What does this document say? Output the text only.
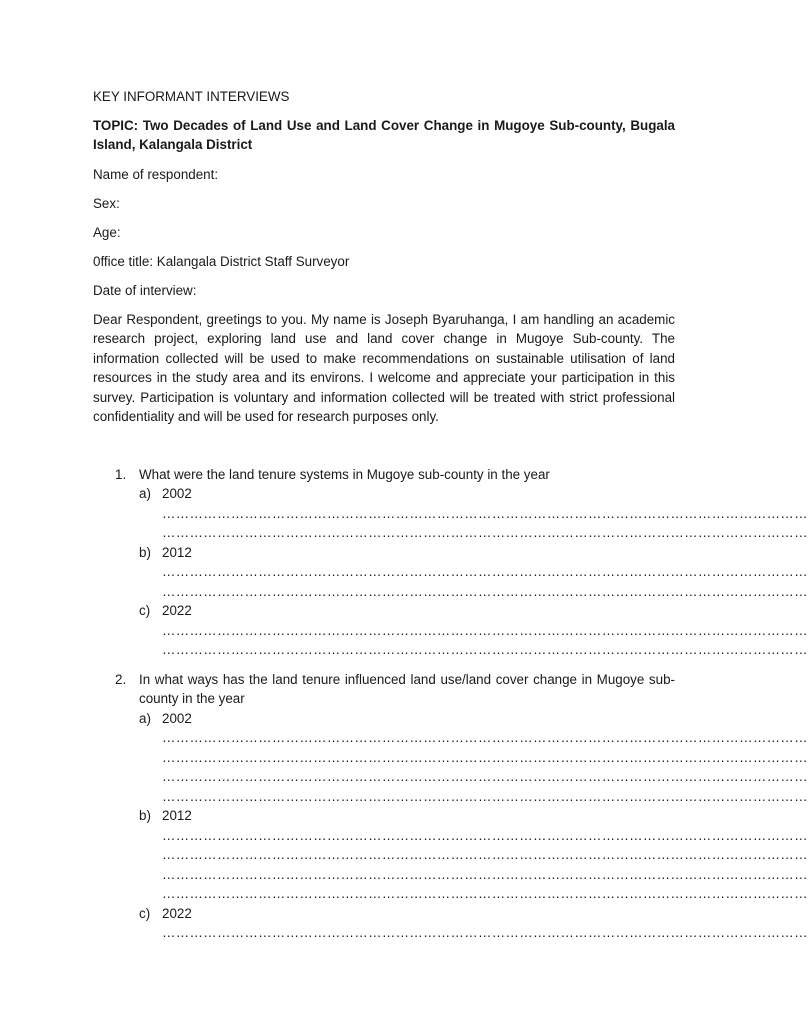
KEY INFORMANT INTERVIEWS
TOPIC: Two Decades of Land Use and Land Cover Change in Mugoye Sub-county, Bugala Island, Kalangala District
Name of respondent:
Sex:
Age:
0ffice title: Kalangala District Staff Surveyor
Date of interview:
Dear Respondent, greetings to you. My name is Joseph Byaruhanga, I am handling an academic research project, exploring land use and land cover change in Mugoye Sub-county. The information collected will be used to make recommendations on sustainable utilisation of land resources in the study area and its environs. I welcome and appreciate your participation in this survey. Participation is voluntary and information collected will be treated with strict professional confidentiality and will be used for research purposes only.
1. What were the land tenure systems in Mugoye sub-county in the year
a) 2002
……………………………………………………………………………………………………………………………
……………………………………………………………………………………………………………………………
b) 2012
……………………………………………………………………………………………………………………………
……………………………………………………………………………………………………………………………
c) 2022
……………………………………………………………………………………………………………………………
……………………………………………………………………………………………………………………………
2. In what ways has the land tenure influenced land use/land cover change in Mugoye sub-county in the year
a) 2002
……………………………………………………………………………………………………………………………
……………………………………………………………………………………………………………………………
……………………………………………………………………………………………………………………………
……………………………………………………………………………………………………………………………
b) 2012
……………………………………………………………………………………………………………………………
……………………………………………………………………………………………………………………………
……………………………………………………………………………………………………………………………
……………………………………………………………………………………………………………………………
c) 2022
……………………………………………………………………………………………………………………………
